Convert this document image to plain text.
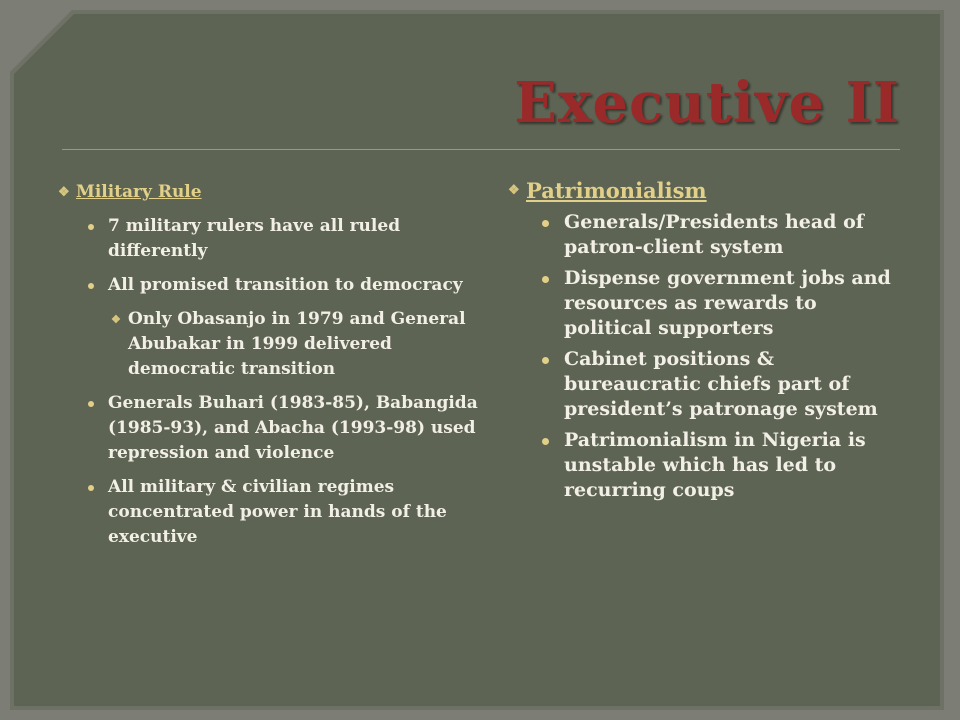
Executive II
❖ Military Rule
7 military rulers have all ruled differently
All promised transition to democracy
❖ Only Obasanjo in 1979 and General Abubakar in 1999 delivered democratic transition
Generals Buhari (1983-85), Babangida (1985-93), and Abacha (1993-98) used repression and violence
All military & civilian regimes concentrated power in hands of the executive
❖ Patrimonialism
Generals/Presidents head of patron-client system
Dispense government jobs and resources as rewards to political supporters
Cabinet positions & bureaucratic chiefs part of president’s patronage system
Patrimonialism in Nigeria is unstable which has led to recurring coups
